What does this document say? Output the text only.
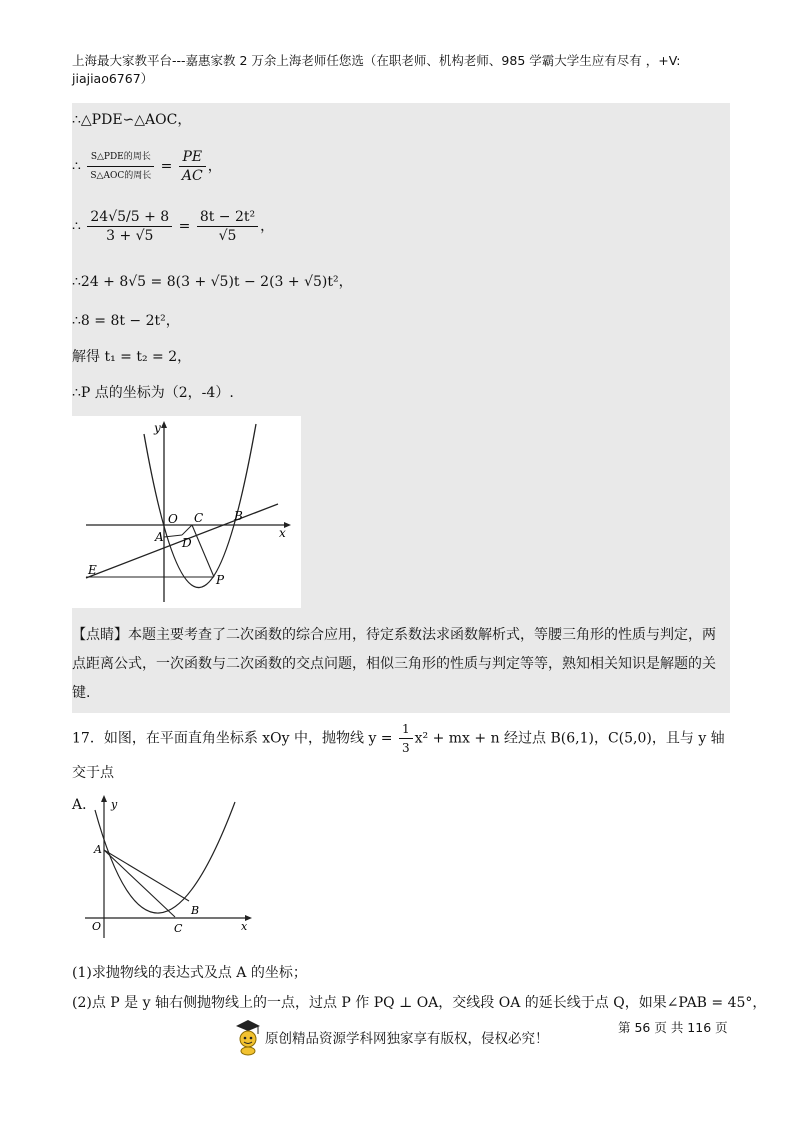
上海最大家教平台---嘉惠家教 2 万余上海老师任您选（在职老师、机构老师、985 学霸大学生应有尽有 ，+V:
jiajiao6767）
∴△PDE∽△AOC，
∴ $\frac{\text{S△PDE的周长}}{\text{S△AOC的周长}} = \frac{PE}{AC}$ ，
∴ $\frac{24√5/5 + 8}{3 + √5} = \frac{\text{8t − 2t²}}{√5}$ ，
∴24 + 8√5 = 8(3 + √5)t − 2(3 + √5)t²，
∴8 = 8t − 2t²，
解得 t₁ = t₂ = 2，
∴P 点的坐标为（2，-4）.
y
x
O C	B
A D
E
P
【点睛】本题主要考查了二次函数的综合应用，待定系数法求函数解析式，等腰三角形的性质与判定，两点距离公式，一次函数与二次函数的交点问题，相似三角形的性质与判定等等，熟知相关知识是解题的关键.
17．如图，在平面直角坐标系 xOy 中，抛物线 $y = \frac{1}{3} x^2$ + mx + n 经过点 B(6,1)，C(5,0)，且与 y 轴交于点
A．	y
x
A
B
C
O
(1)求抛物线的表达式及点 A 的坐标；
(2)点 P 是 y 轴右侧抛物线上的一点，过点 P 作 PQ ⊥ OA，交线段 OA 的延长线于点 Q，如果∠PAB = 45°，
原创精品资源学科网独家享有版权，侵权必究！
第 56 页 共 116 页
